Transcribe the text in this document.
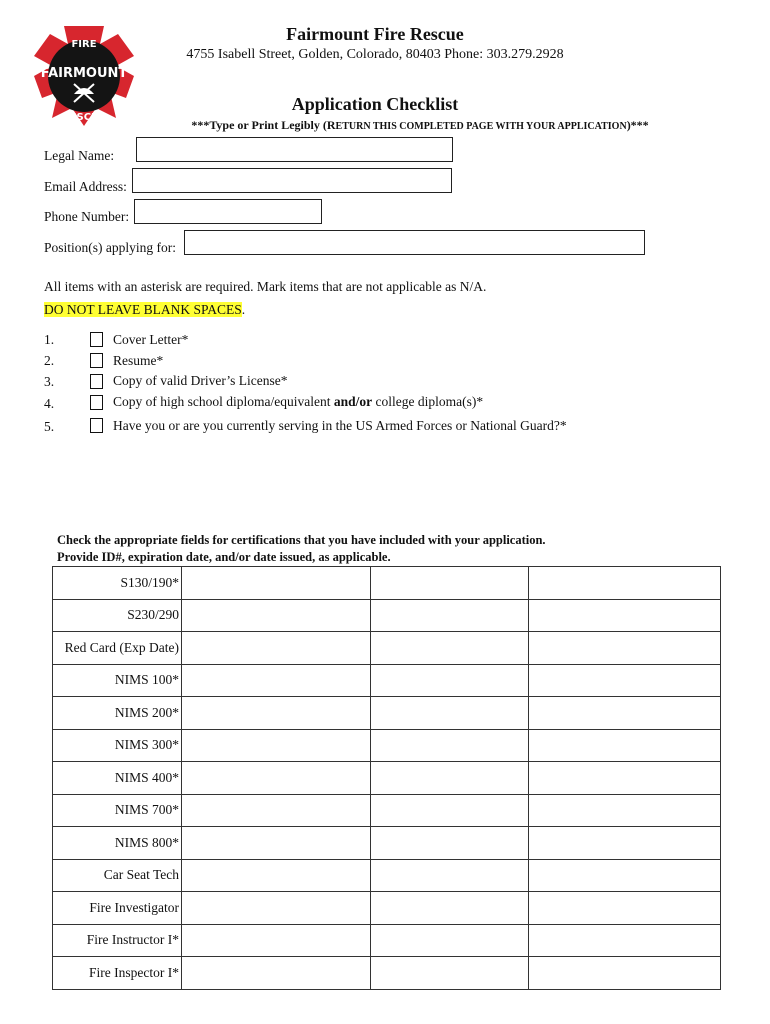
FIRE
FAIRMOUNT
RESCUE
Fairmount Fire Rescue
4755 Isabell Street, Golden, Colorado, 80403 Phone: 303.279.2928
Application Checklist
***Type or Print Legibly (RETURN THIS COMPLETED PAGE WITH YOUR APPLICATION)***
Legal Name:
Email Address:
Phone Number:
Position(s) applying for:
All items with an asterisk are required. Mark items that are not applicable as N/A.
DO NOT LEAVE BLANK SPACES.
1.	Cover Letter*
2.	Resume*
3.	Copy of valid Driver’s License*
4.	Copy of high school diploma/equivalent and/or college diploma(s)*
5.	Have you or are you currently serving in the US Armed Forces or National Guard?*
Check the appropriate fields for certifications that you have included with your application.
Provide ID#, expiration date, and/or date issued, as applicable.
S130/190*			
S230/290			
Red Card (Exp Date)			
NIMS 100*			
NIMS 200*			
NIMS 300*			
NIMS 400*			
NIMS 700*			
NIMS 800*			
Car Seat Tech			
Fire Investigator			
Fire Instructor I*			
Fire Inspector I*			
